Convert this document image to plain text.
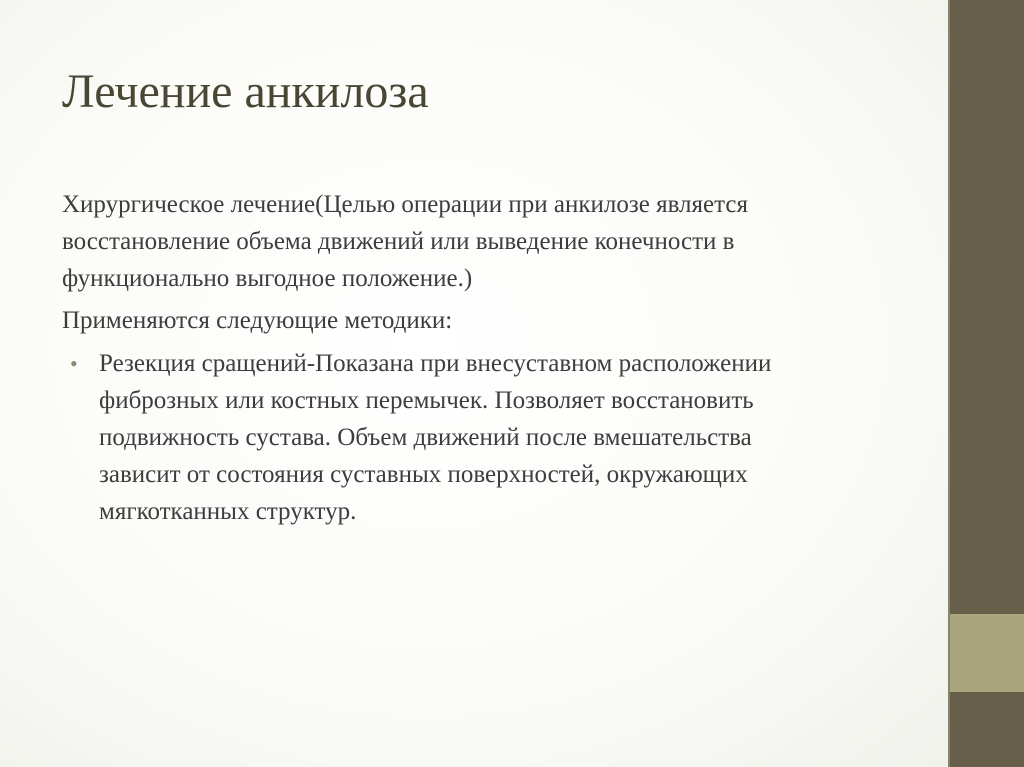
Лечение анкилоза

Хирургическое лечение(Целью операции при анкилозе является восстановление объема движений или выведение конечности в функционально выгодное положение.)

Применяются следующие методики:

• Резекция сращений-Показана при внесуставном расположении фиброзных или костных перемычек. Позволяет восстановить подвижность сустава. Объем движений после вмешательства зависит от состояния суставных поверхностей, окружающих мягкотканных структур.
